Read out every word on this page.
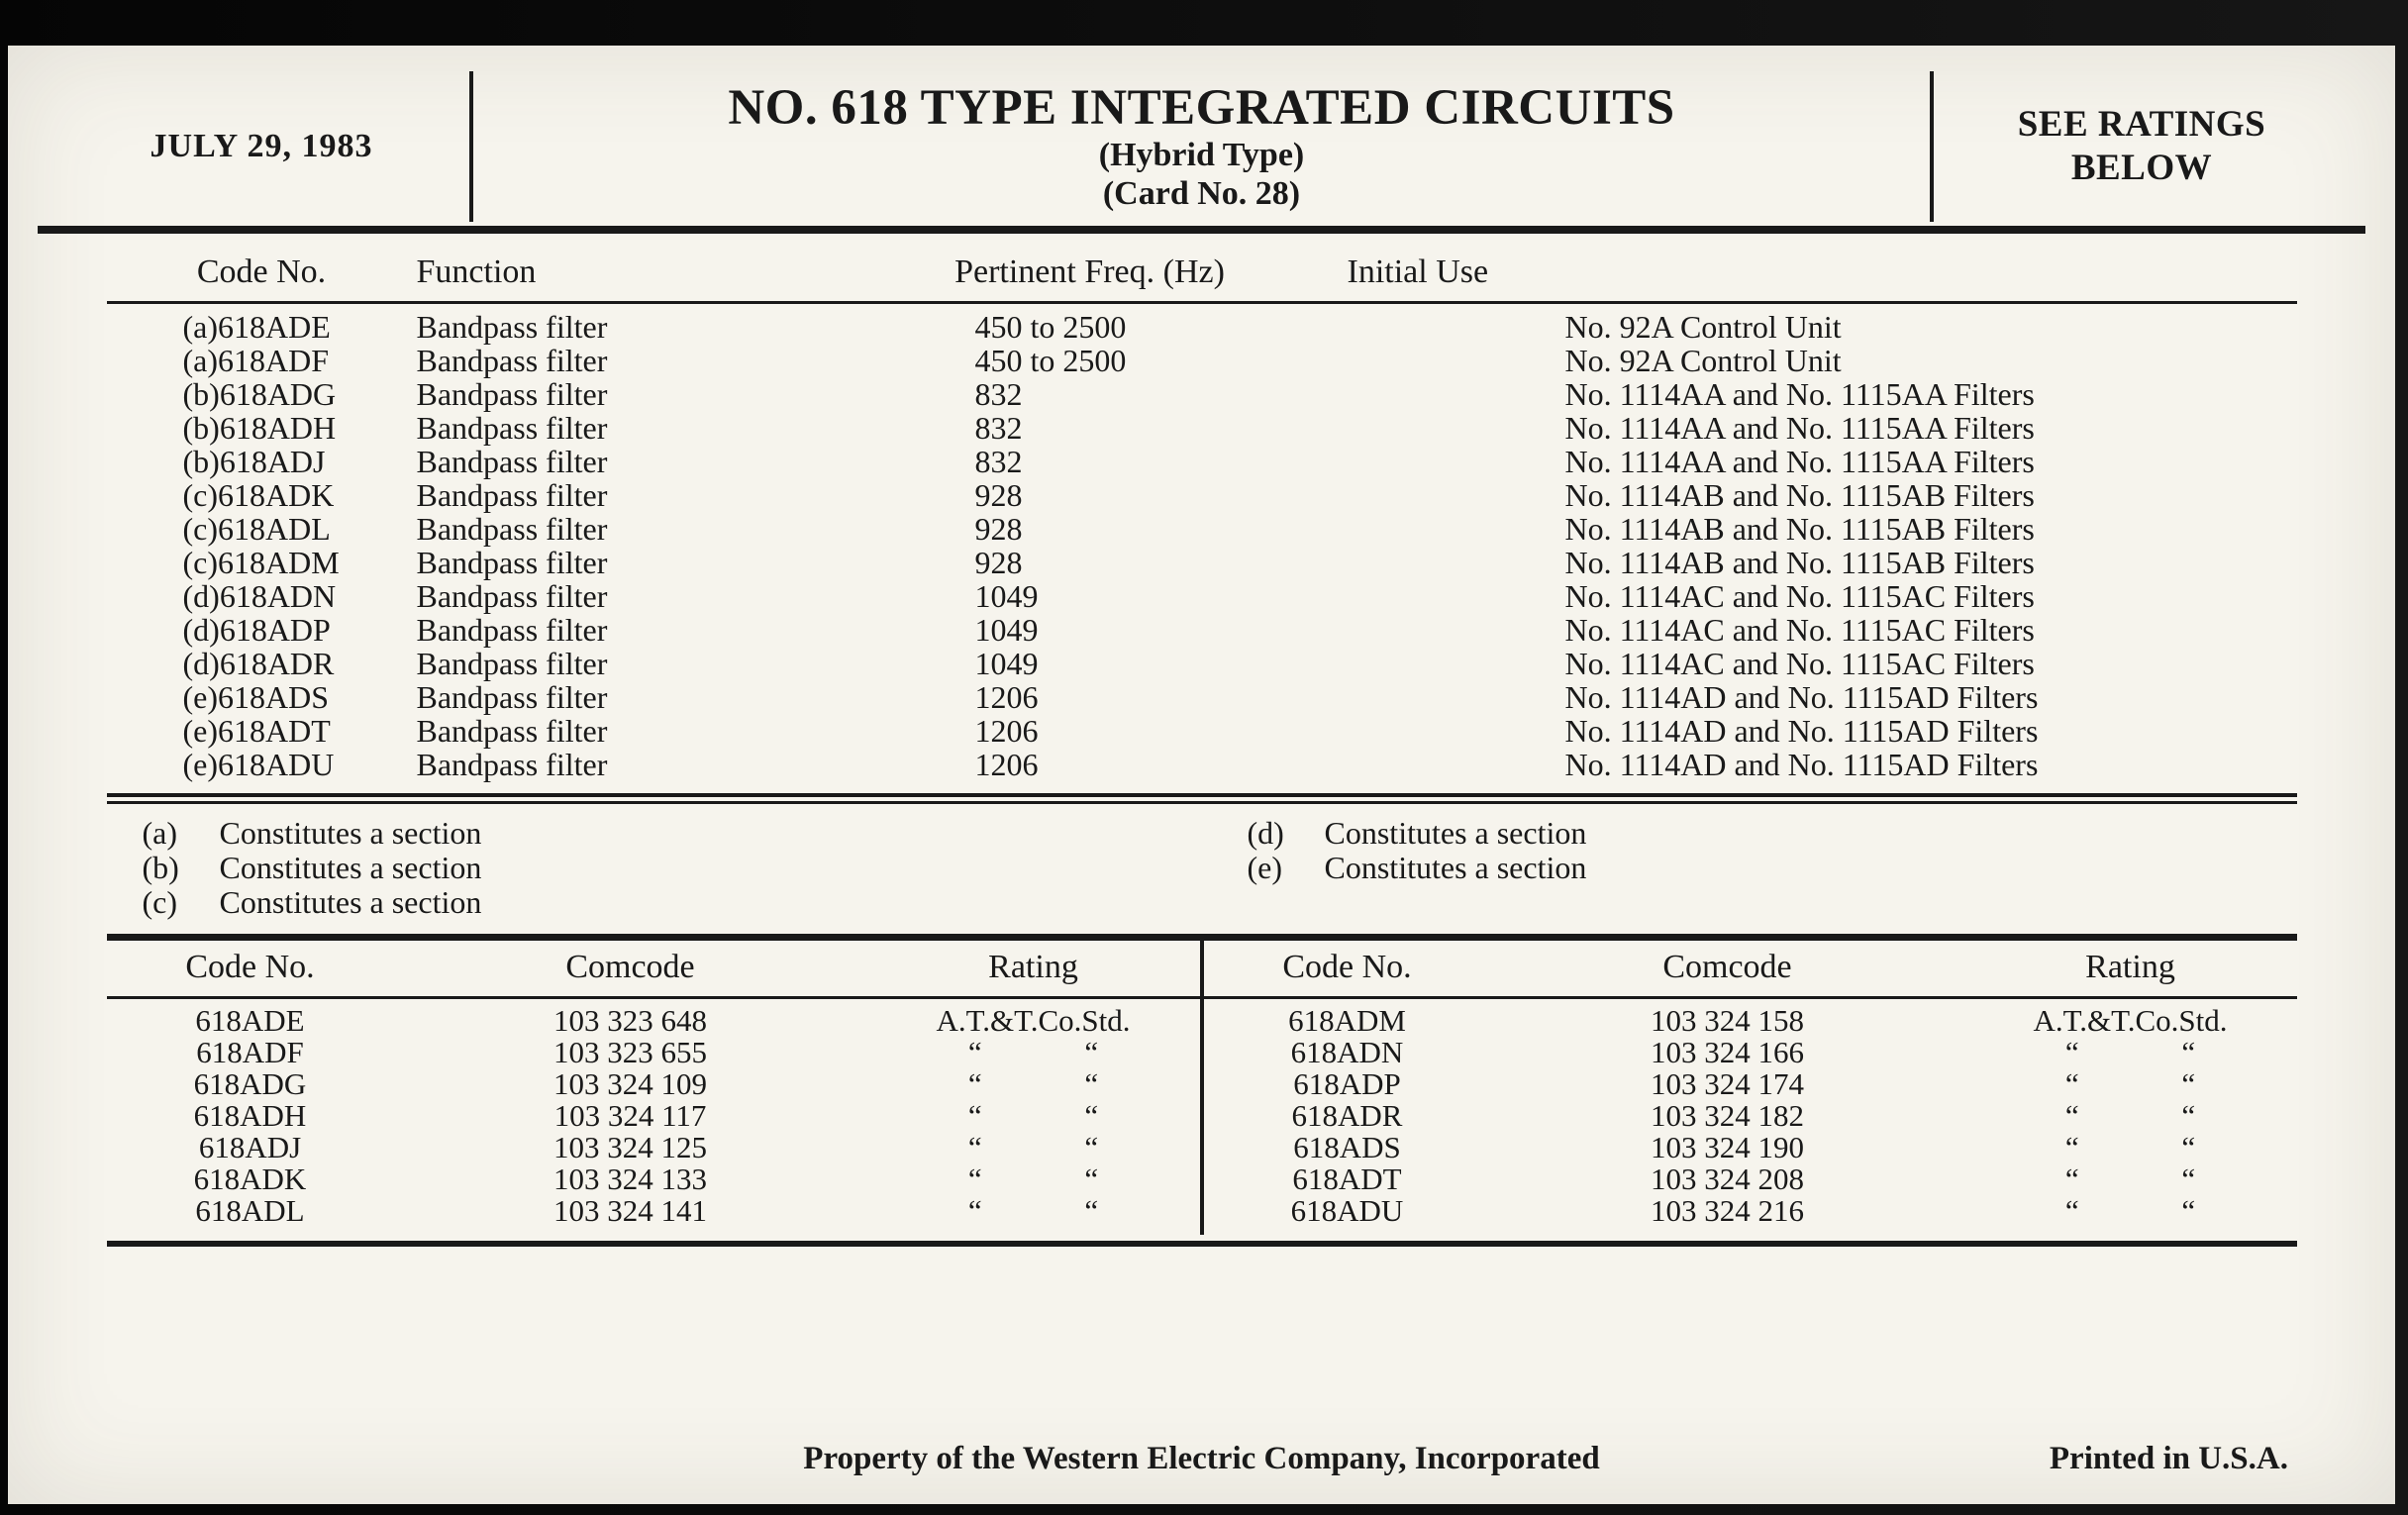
JULY 29, 1983
NO. 618 TYPE INTEGRATED CIRCUITS
(Hybrid Type)
(Card No. 28)
SEE RATINGS
BELOW
Code No.	Function	Pertinent Freq. (Hz)	Initial Use
(a)618ADE	Bandpass filter	450 to 2500	No. 92A Control Unit
(a)618ADF	Bandpass filter	450 to 2500	No. 92A Control Unit
(b)618ADG	Bandpass filter	832	No. 1114AA and No. 1115AA Filters
(b)618ADH	Bandpass filter	832	No. 1114AA and No. 1115AA Filters
(b)618ADJ	Bandpass filter	832	No. 1114AA and No. 1115AA Filters
(c)618ADK	Bandpass filter	928	No. 1114AB and No. 1115AB Filters
(c)618ADL	Bandpass filter	928	No. 1114AB and No. 1115AB Filters
(c)618ADM	Bandpass filter	928	No. 1114AB and No. 1115AB Filters
(d)618ADN	Bandpass filter	1049	No. 1114AC and No. 1115AC Filters
(d)618ADP	Bandpass filter	1049	No. 1114AC and No. 1115AC Filters
(d)618ADR	Bandpass filter	1049	No. 1114AC and No. 1115AC Filters
(e)618ADS	Bandpass filter	1206	No. 1114AD and No. 1115AD Filters
(e)618ADT	Bandpass filter	1206	No. 1114AD and No. 1115AD Filters
(e)618ADU	Bandpass filter	1206	No. 1114AD and No. 1115AD Filters
(a) Constitutes a section
(b) Constitutes a section
(c) Constitutes a section
(d) Constitutes a section
(e) Constitutes a section
Code No.	Comcode	Rating
618ADE	103 323 648	A.T.&T.Co.Std.
618ADF	103 323 655	“ “
618ADG	103 324 109	“ “
618ADH	103 324 117	“ “
618ADJ	103 324 125	“ “
618ADK	103 324 133	“ “
618ADL	103 324 141	“ “
Code No.	Comcode	Rating
618ADM	103 324 158	A.T.&T.Co.Std.
618ADN	103 324 166	“ “
618ADP	103 324 174	“ “
618ADR	103 324 182	“ “
618ADS	103 324 190	“ “
618ADT	103 324 208	“ “
618ADU	103 324 216	“ “
Property of the Western Electric Company, Incorporated	Printed in U.S.A.
